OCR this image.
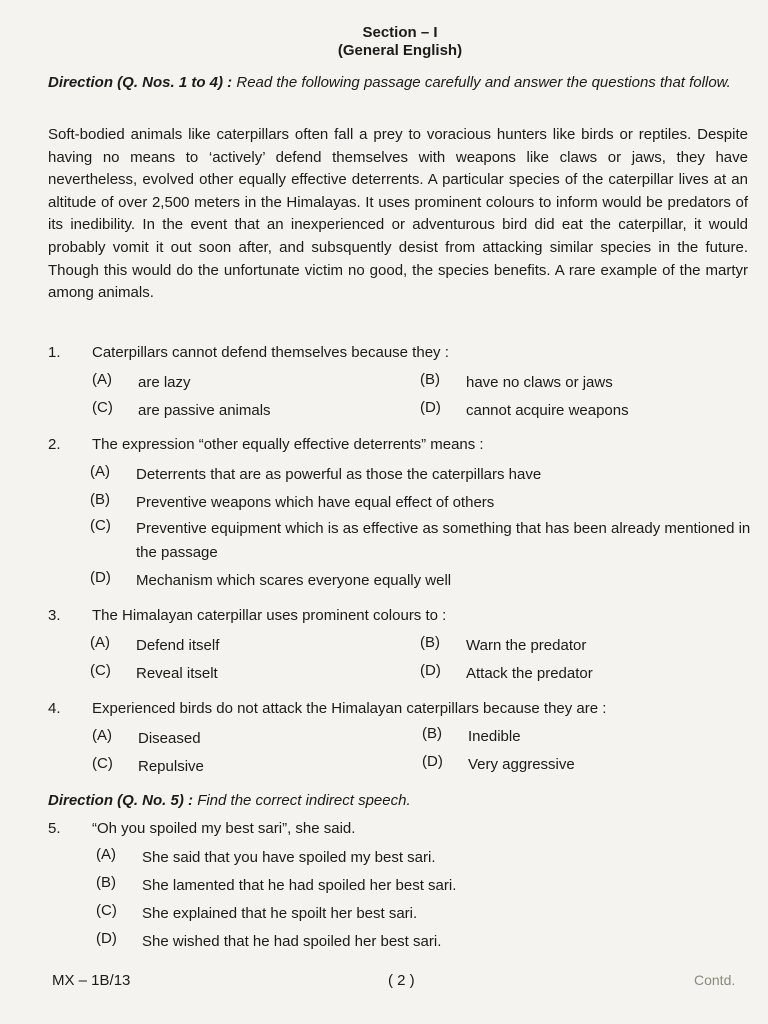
Section – I
(General English)
Direction (Q. Nos. 1 to 4) : Read the following passage carefully and answer the questions that follow.
Soft-bodied animals like caterpillars often fall a prey to voracious hunters like birds or reptiles. Despite having no means to ‘actively’ defend themselves with weapons like claws or jaws, they have nevertheless, evolved other equally effective deterrents. A particular species of the caterpillar lives at an altitude of over 2,500 meters in the Himalayas. It uses prominent colours to inform would be predators of its inedibility. In the event that an inexperienced or adventurous bird did eat the caterpillar, it would probably vomit it out soon after, and subsquently desist from attacking similar species in the future. Though this would do the unfortunate victim no good, the species benefits. A rare example of the martyr among animals.
1. Caterpillars cannot defend themselves because they :
(A) are lazy	(B) have no claws or jaws
(C) are passive animals	(D) cannot acquire weapons
2. The expression “other equally effective deterrents” means :
(A) Deterrents that are as powerful as those the caterpillars have
(B) Preventive weapons which have equal effect of others
(C) Preventive equipment which is as effective as something that has been already mentioned in the passage
(D) Mechanism which scares everyone equally well
3. The Himalayan caterpillar uses prominent colours to :
(A) Defend itself	(B) Warn the predator
(C) Reveal itselt	(D) Attack the predator
4. Experienced birds do not attack the Himalayan caterpillars because they are :
(A) Diseased	(B) Inedible
(C) Repulsive	(D) Very aggressive
Direction (Q. No. 5) : Find the correct indirect speech.
5. “Oh you spoiled my best sari”, she said.
(A) She said that you have spoiled my best sari.
(B) She lamented that he had spoiled her best sari.
(C) She explained that he spoilt her best sari.
(D) She wished that he had spoiled her best sari.
MX – 1B/13	( 2 )	Contd.
